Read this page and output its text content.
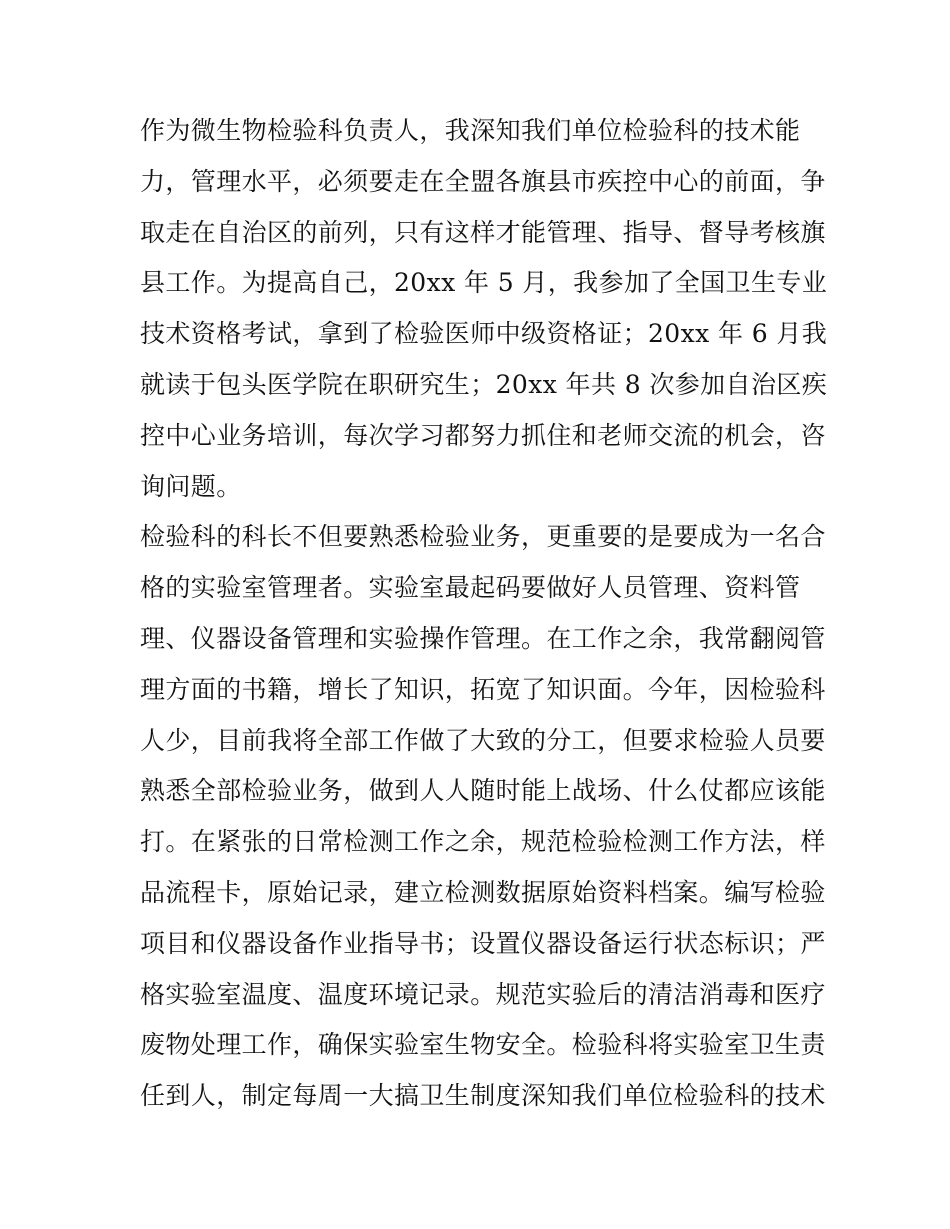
作为微生物检验科负责人，我深知我们单位检验科的技术能
力，管理水平，必须要走在全盟各旗县市疾控中心的前面，争
取走在自治区的前列，只有这样才能管理、指导、督导考核旗
县工作。为提高自己，20xx 年 5 月，我参加了全国卫生专业
技术资格考试，拿到了检验医师中级资格证；20xx 年 6 月我
就读于包头医学院在职研究生；20xx 年共 8 次参加自治区疾
控中心业务培训，每次学习都努力抓住和老师交流的机会，咨
询问题。
检验科的科长不但要熟悉检验业务，更重要的是要成为一名合
格的实验室管理者。实验室最起码要做好人员管理、资料管
理、仪器设备管理和实验操作管理。在工作之余，我常翻阅管
理方面的书籍，增长了知识，拓宽了知识面。今年，因检验科
人少，目前我将全部工作做了大致的分工，但要求检验人员要
熟悉全部检验业务，做到人人随时能上战场、什么仗都应该能
打。在紧张的日常检测工作之余，规范检验检测工作方法，样
品流程卡，原始记录，建立检测数据原始资料档案。编写检验
项目和仪器设备作业指导书；设置仪器设备运行状态标识；严
格实验室温度、温度环境记录。规范实验后的清洁消毒和医疗
废物处理工作，确保实验室生物安全。检验科将实验室卫生责
任到人，制定每周一大搞卫生制度深知我们单位检验科的技术
